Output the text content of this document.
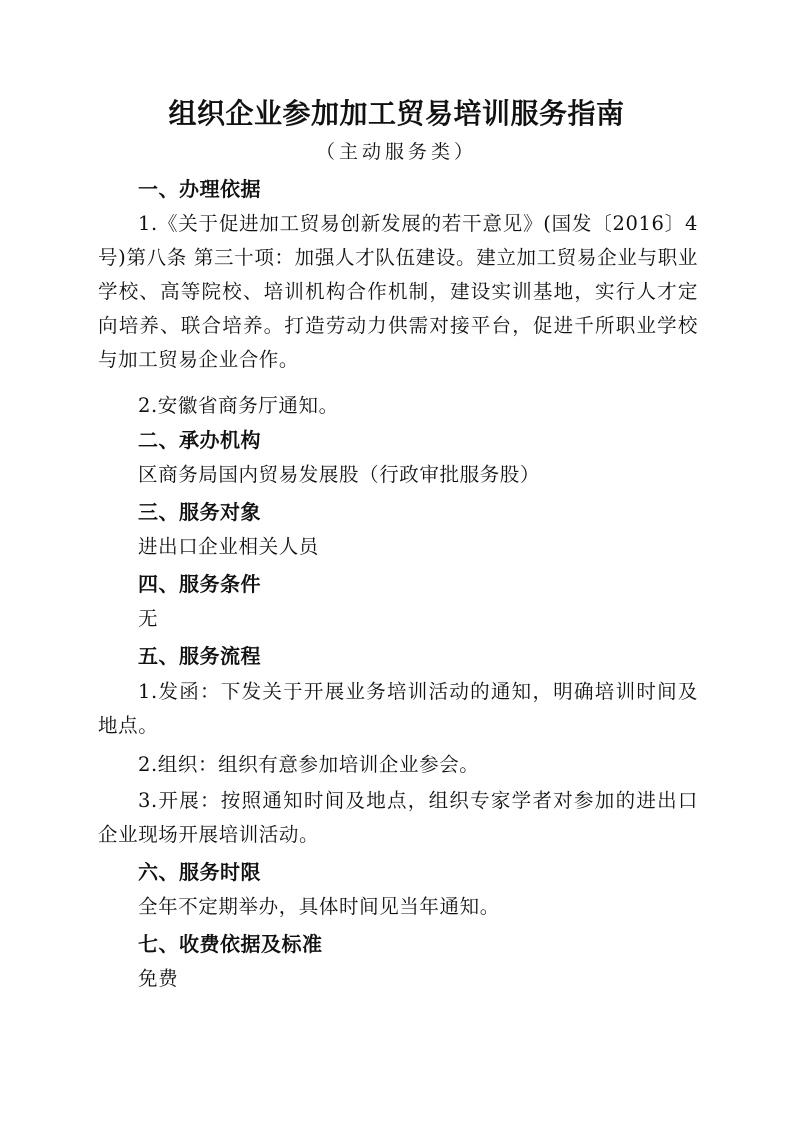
组织企业参加加工贸易培训服务指南
（主动服务类）
一、办理依据
1.《关于促进加工贸易创新发展的若干意见》(国发〔2016〕4号)第八条 第三十项：加强人才队伍建设。建立加工贸易企业与职业学校、高等院校、培训机构合作机制，建设实训基地，实行人才定向培养、联合培养。打造劳动力供需对接平台，促进千所职业学校与加工贸易企业合作。
2.安徽省商务厅通知。
二、承办机构
区商务局国内贸易发展股（行政审批服务股）
三、服务对象
进出口企业相关人员
四、服务条件
无
五、服务流程
1.发函：下发关于开展业务培训活动的通知，明确培训时间及地点。
2.组织：组织有意参加培训企业参会。
3.开展：按照通知时间及地点，组织专家学者对参加的进出口企业现场开展培训活动。
六、服务时限
全年不定期举办，具体时间见当年通知。
七、收费依据及标准
免费
